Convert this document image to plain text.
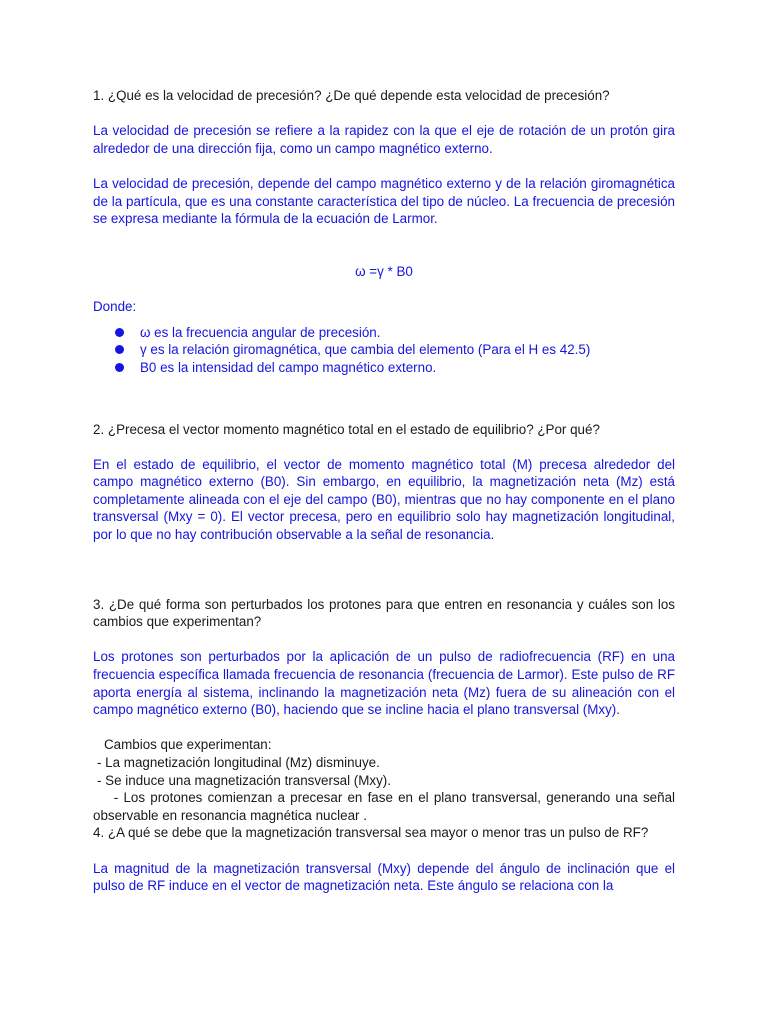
1. ¿Qué es la velocidad de precesión? ¿De qué depende esta velocidad de precesión?

La velocidad de precesión se refiere a la rapidez con la que el eje de rotación de un protón gira alrededor de una dirección fija, como un campo magnético externo.

La velocidad de precesión, depende del campo magnético externo y de la relación giromagnética de la partícula, que es una constante característica del tipo de núcleo. La frecuencia de precesión se expresa mediante la fórmula de la ecuación de Larmor.

ω =γ * B0

Donde:

ω es la frecuencia angular de precesión.
γ es la relación giromagnética, que cambia del elemento (Para el H es 42.5)
B0 es la intensidad del campo magnético externo.

2. ¿Precesa el vector momento magnético total en el estado de equilibrio? ¿Por qué?

En el estado de equilibrio, el vector de momento magnético total (M) precesa alrededor del campo magnético externo (B0). Sin embargo, en equilibrio, la magnetización neta (Mz) está completamente alineada con el eje del campo (B0), mientras que no hay componente en el plano transversal (Mxy = 0). El vector precesa, pero en equilibrio solo hay magnetización longitudinal, por lo que no hay contribución observable a la señal de resonancia.

3. ¿De qué forma son perturbados los protones para que entren en resonancia y cuáles son los cambios que experimentan?

Los protones son perturbados por la aplicación de un pulso de radiofrecuencia (RF) en una frecuencia específica llamada frecuencia de resonancia (frecuencia de Larmor). Este pulso de RF aporta energía al sistema, inclinando la magnetización neta (Mz) fuera de su alineación con el campo magnético externo (B0), haciendo que se incline hacia el plano transversal (Mxy).

Cambios que experimentan:

- La magnetización longitudinal (Mz) disminuye.

- Se induce una magnetización transversal (Mxy).

- Los protones comienzan a precesar en fase en el plano transversal, generando una señal observable en resonancia magnética nuclear .

4. ¿A qué se debe que la magnetización transversal sea mayor o menor tras un pulso de RF?

La magnitud de la magnetización transversal (Mxy) depende del ángulo de inclinación que el pulso de RF induce en el vector de magnetización neta. Este ángulo se relaciona con la
